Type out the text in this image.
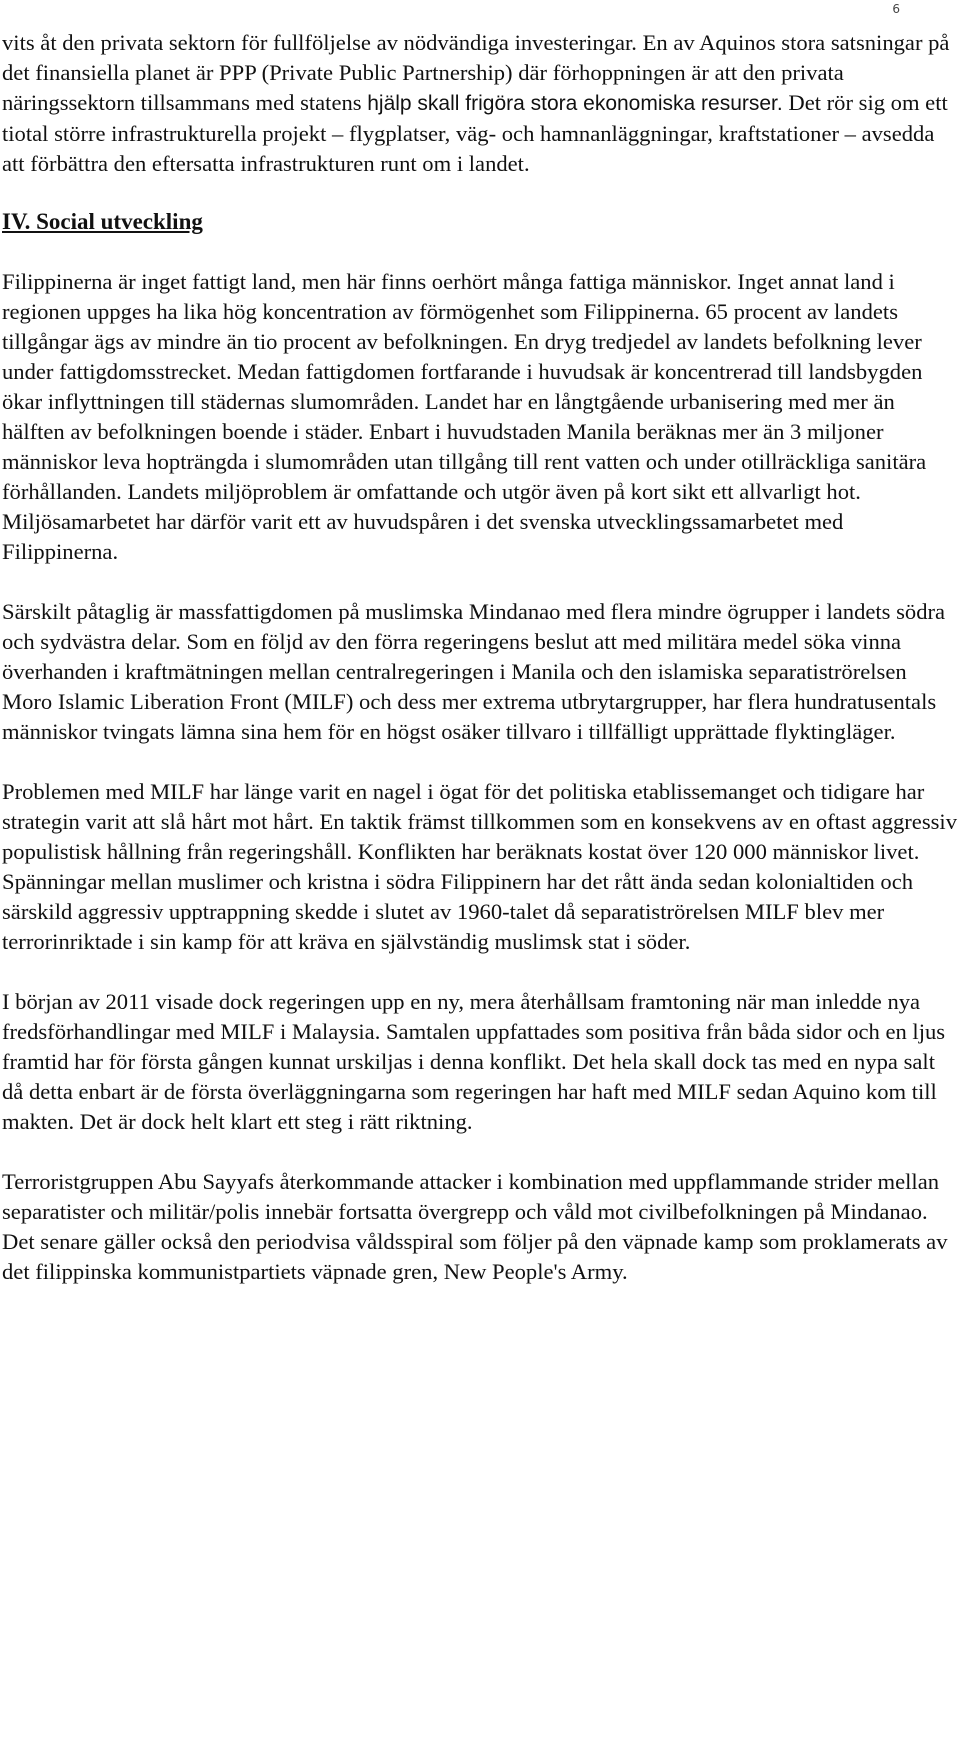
6

vits åt den privata sektorn för fullföljelse av nödvändiga investeringar. En av Aquinos stora satsningar på det finansiella planet är PPP (Private Public Partnership) där förhoppningen är att den privata näringssektorn tillsammans med statens hjälp skall frigöra stora ekonomiska resurser. Det rör sig om ett tiotal större infrastrukturella projekt – flygplatser, väg- och hamnanläggningar, kraftstationer – avsedda att förbättra den eftersatta infrastrukturen runt om i landet.

IV. Social utveckling

Filippinerna är inget fattigt land, men här finns oerhört många fattiga människor. Inget annat land i regionen uppges ha lika hög koncentration av förmögenhet som Filippinerna. 65 procent av landets tillgångar ägs av mindre än tio procent av befolkningen. En dryg tredjedel av landets befolkning lever under fattigdomsstrecket. Medan fattigdomen fortfarande i huvudsak är koncentrerad till landsbygden ökar inflyttningen till städernas slumområden. Landet har en långtgående urbanisering med mer än hälften av befolkningen boende i städer. Enbart i huvudstaden Manila beräknas mer än 3 miljoner människor leva hopträngda i slumområden utan tillgång till rent vatten och under otillräckliga sanitära förhållanden. Landets miljöproblem är omfattande och utgör även på kort sikt ett allvarligt hot. Miljösamarbetet har därför varit ett av huvudspåren i det svenska utvecklingssamarbetet med Filippinerna.

Särskilt påtaglig är massfattigdomen på muslimska Mindanao med flera mindre ögrupper i landets södra och sydvästra delar. Som en följd av den förra regeringens beslut att med militära medel söka vinna överhanden i kraftmätningen mellan centralregeringen i Manila och den islamiska separatiströrelsen Moro Islamic Liberation Front (MILF) och dess mer extrema utbrytargrupper, har flera hundratusentals människor tvingats lämna sina hem för en högst osäker tillvaro i tillfälligt upprättade flyktingläger.

Problemen med MILF har länge varit en nagel i ögat för det politiska etablissemanget och tidigare har strategin varit att slå hårt mot hårt. En taktik främst tillkommen som en konsekvens av en oftast aggressiv populistisk hållning från regeringshåll. Konflikten har beräknats kostat över 120 000 människor livet. Spänningar mellan muslimer och kristna i södra Filippinern har det rått ända sedan kolonialtiden och särskild aggressiv upptrappning skedde i slutet av 1960-talet då separatiströrelsen MILF blev mer terrorinriktade i sin kamp för att kräva en självständig muslimsk stat i söder.

I början av 2011 visade dock regeringen upp en ny, mera återhållsam framtoning när man inledde nya fredsförhandlingar med MILF i Malaysia. Samtalen uppfattades som positiva från båda sidor och en ljus framtid har för första gången kunnat urskiljas i denna konflikt. Det hela skall dock tas med en nypa salt då detta enbart är de första överläggningarna som regeringen har haft med MILF sedan Aquino kom till makten. Det är dock helt klart ett steg i rätt riktning.

Terroristgruppen Abu Sayyafs återkommande attacker i kombination med uppflammande strider mellan separatister och militär/polis innebär fortsatta övergrepp och våld mot civilbefolkningen på Mindanao. Det senare gäller också den periodvisa våldsspiral som följer på den väpnade kamp som proklamerats av det filippinska kommunistpartiets väpnade gren, New People's Army.
